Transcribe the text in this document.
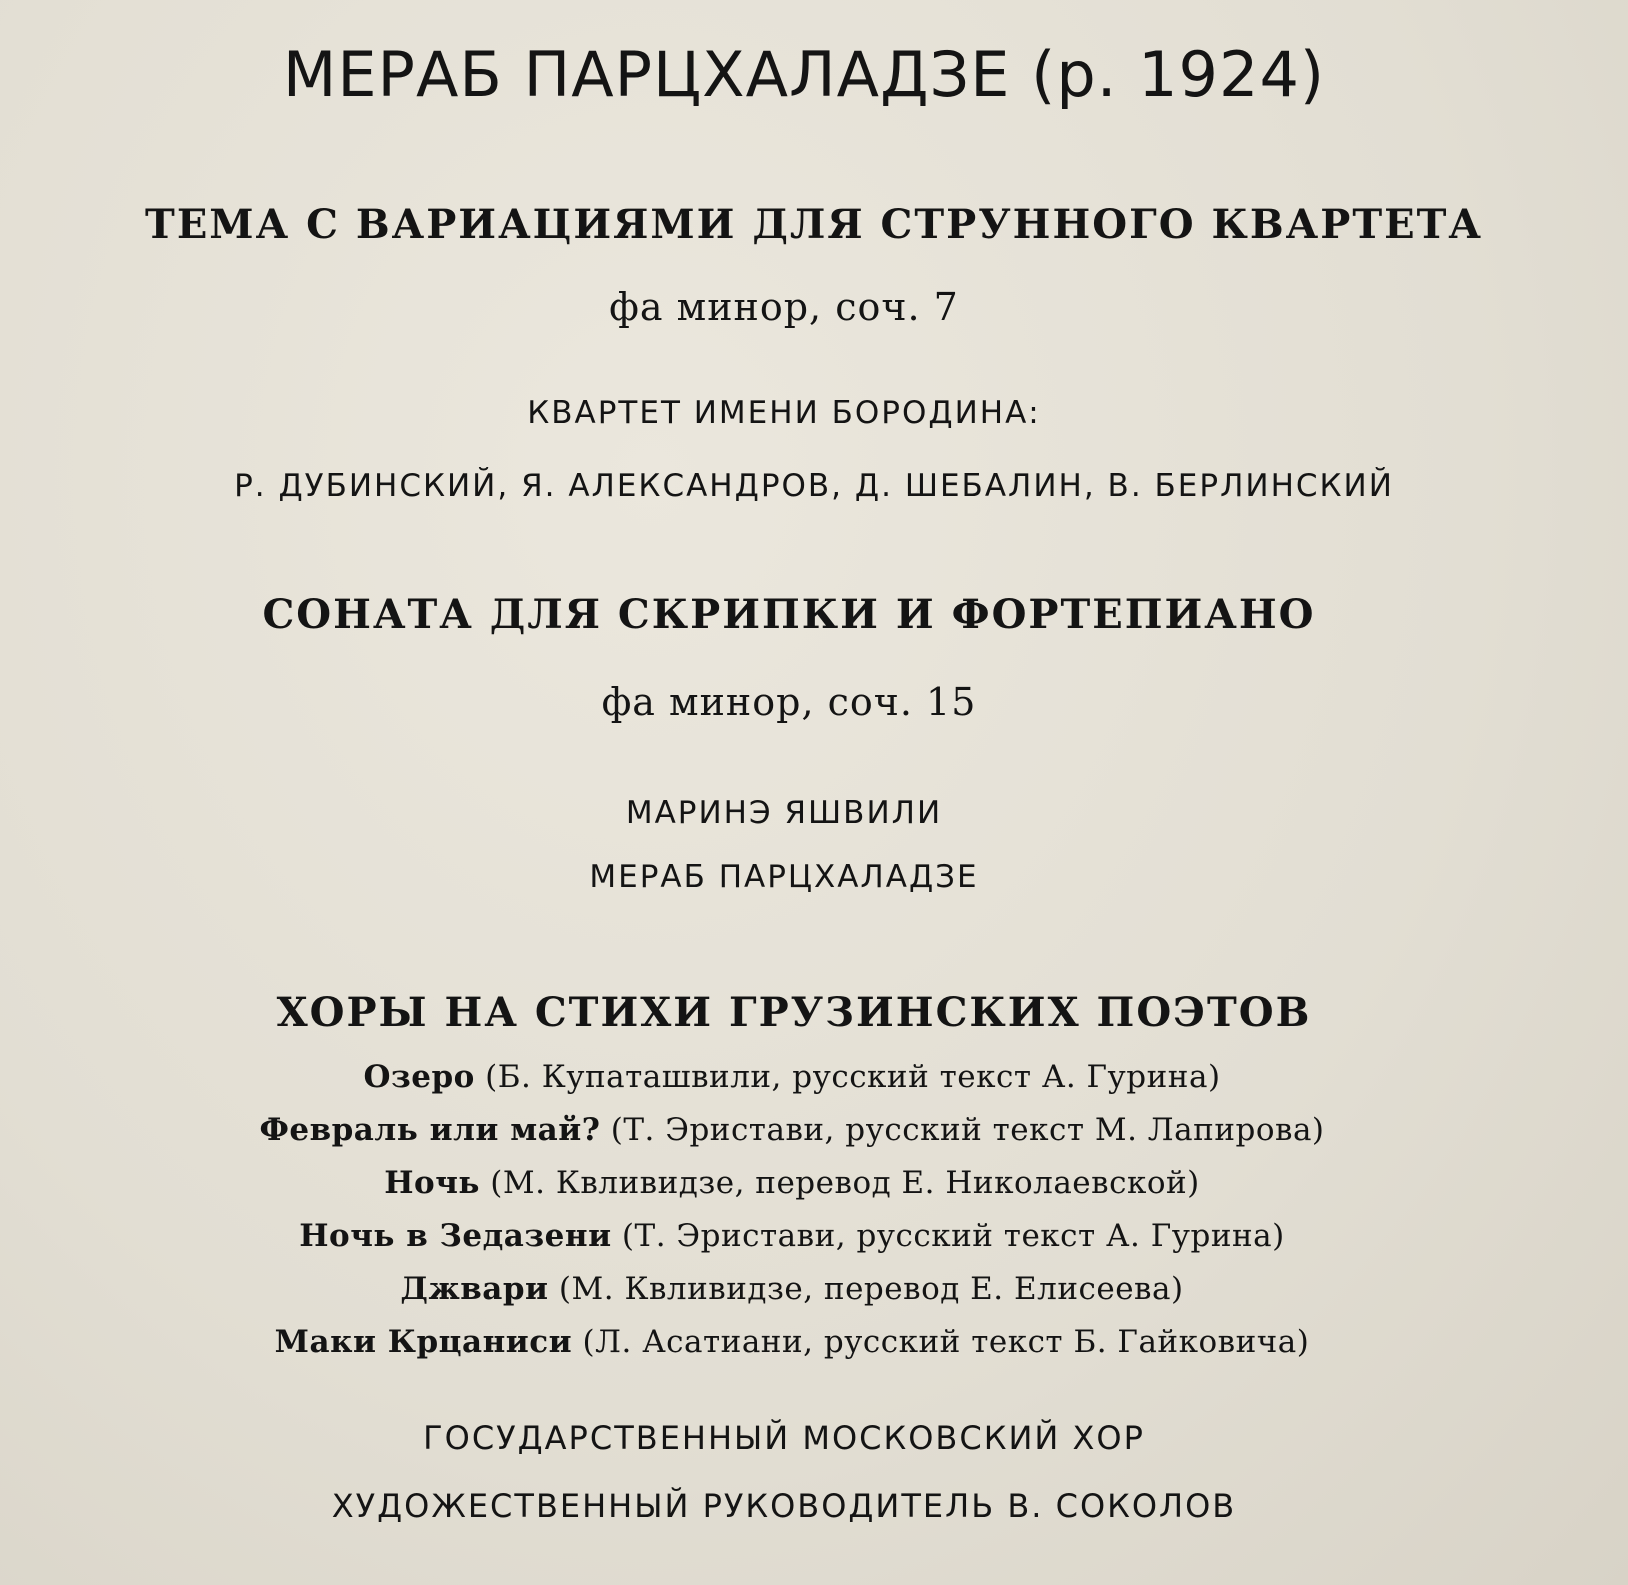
МЕРАБ ПАРЦХАЛАДЗЕ (р. 1924)
ТЕМА С ВАРИАЦИЯМИ ДЛЯ СТРУННОГО КВАРТЕТА
фа минор, соч. 7
КВАРТЕТ ИМЕНИ БОРОДИНА:
Р. ДУБИНСКИЙ, Я. АЛЕКСАНДРОВ, Д. ШЕБАЛИН, В. БЕРЛИНСКИЙ
СОНАТА ДЛЯ СКРИПКИ И ФОРТЕПИАНО
фа минор, соч. 15
МАРИНЭ ЯШВИЛИ
МЕРАБ ПАРЦХАЛАДЗЕ
ХОРЫ НА СТИХИ ГРУЗИНСКИХ ПОЭТОВ
Озеро (Б. Купаташвили, русский текст А. Гурина)
Февраль или май? (Т. Эристави, русский текст М. Лапирова)
Ночь (М. Квливидзе, перевод Е. Николаевской)
Ночь в Зедазени (Т. Эристави, русский текст А. Гурина)
Джвари (М. Квливидзе, перевод Е. Елисеева)
Маки Крцаниси (Л. Асатиани, русский текст Б. Гайковича)
ГОСУДАРСТВЕННЫЙ МОСКОВСКИЙ ХОР
ХУДОЖЕСТВЕННЫЙ РУКОВОДИТЕЛЬ В. СОКОЛОВ
